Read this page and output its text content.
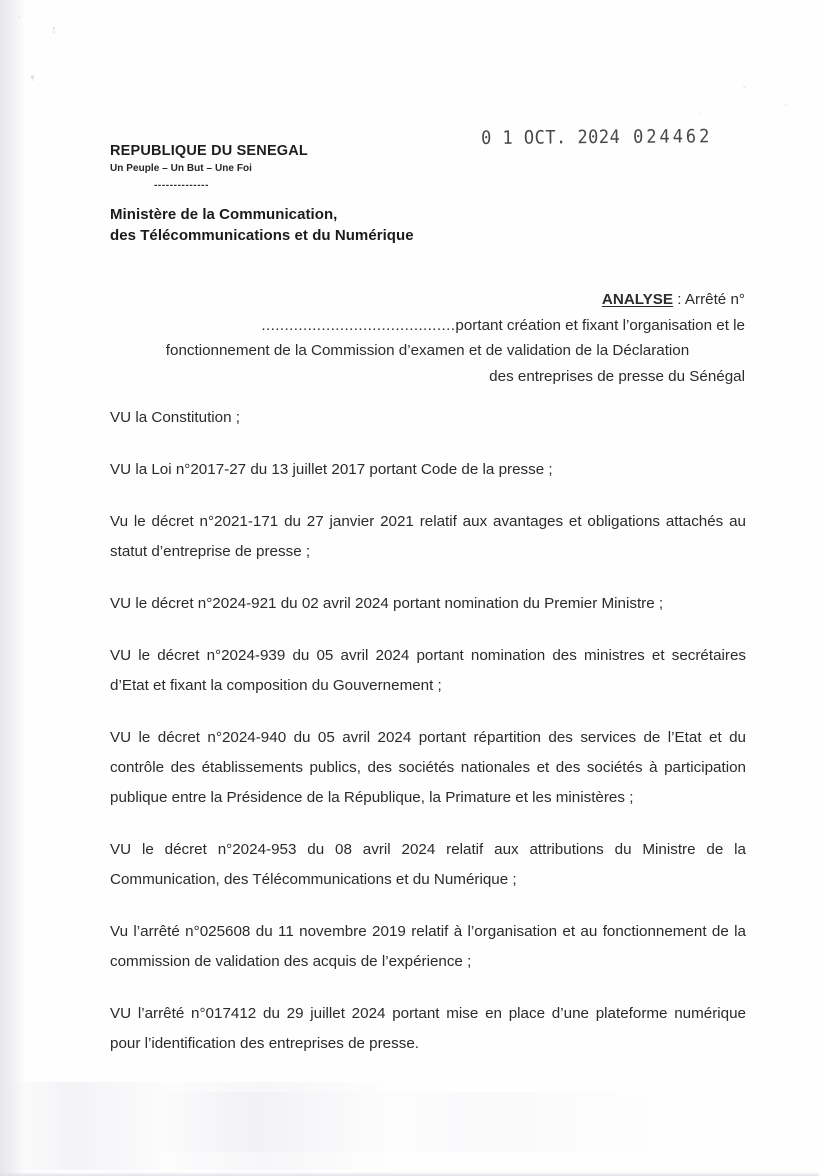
REPUBLIQUE DU SENEGAL
Un Peuple – Un But – Une Foi
--------------
Ministère de la Communication,
des Télécommunications et du Numérique
0 1 OCT. 2024 024462
ANALYSE : Arrêté n°
..........................................portant création et fixant l’organisation et le
fonctionnement de la Commission d’examen et de validation de la Déclaration
des entreprises de presse du Sénégal

VU la Constitution ;

VU la Loi n°2017-27 du 13 juillet 2017 portant Code de la presse ;

Vu le décret n°2021-171 du 27 janvier 2021 relatif aux avantages et obligations attachés au statut d’entreprise de presse ;

VU le décret n°2024-921 du 02 avril 2024 portant nomination du Premier Ministre ;

VU le décret n°2024-939 du 05 avril 2024 portant nomination des ministres et secrétaires d’Etat et fixant la composition du Gouvernement ;

VU le décret n°2024-940 du 05 avril 2024 portant répartition des services de l’Etat et du contrôle des établissements publics, des sociétés nationales et des sociétés à participation publique entre la Présidence de la République, la Primature et les ministères ;

VU le décret n°2024-953 du 08 avril 2024 relatif aux attributions du Ministre de la Communication, des Télécommunications et du Numérique ;

Vu l’arrêté n°025608 du 11 novembre 2019 relatif à l’organisation et au fonctionnement de la commission de validation des acquis de l’expérience ;

VU l’arrêté n°017412 du 29 juillet 2024 portant mise en place d’une plateforme numérique pour l’identification des entreprises de presse.
